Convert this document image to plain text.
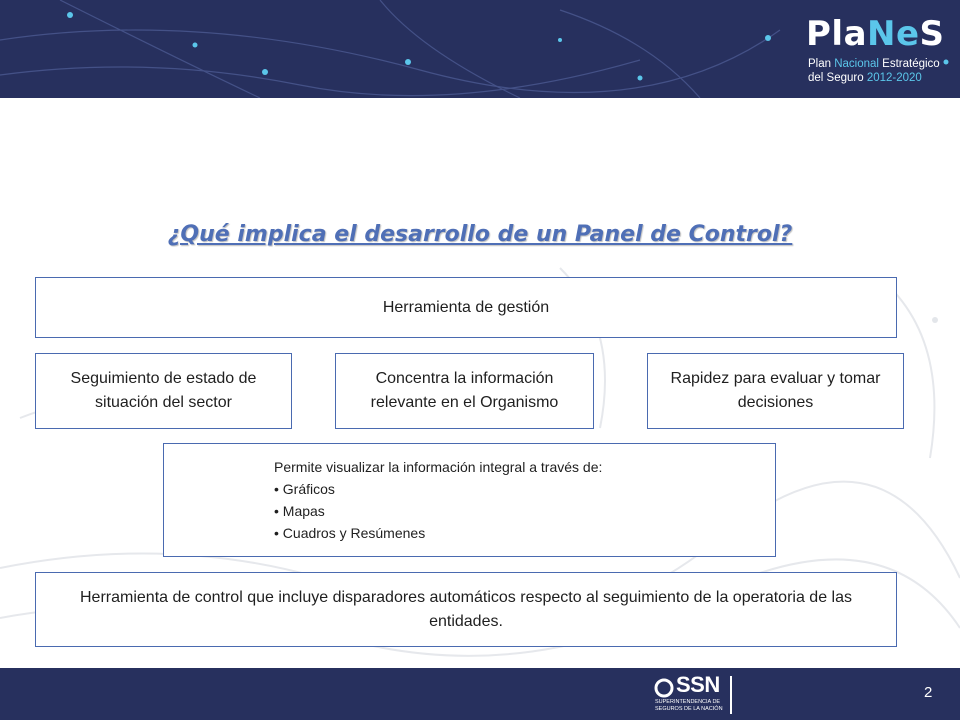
PlaNeS
Plan Nacional Estratégico
del Seguro 2012-2020
¿Qué implica el desarrollo de un Panel de Control?
Herramienta de gestión
Seguimiento de estado de situación del sector
Concentra la información relevante en el Organismo
Rapidez para evaluar y tomar decisiones
Permite visualizar la información integral a través de:
• Gráficos
• Mapas
• Cuadros y Resúmenes
Herramienta de control que incluye disparadores automáticos respecto al seguimiento de la operatoria de las entidades.
SSN
SUPERINTENDENCIA DE
SEGUROS DE LA NACIÓN
2
